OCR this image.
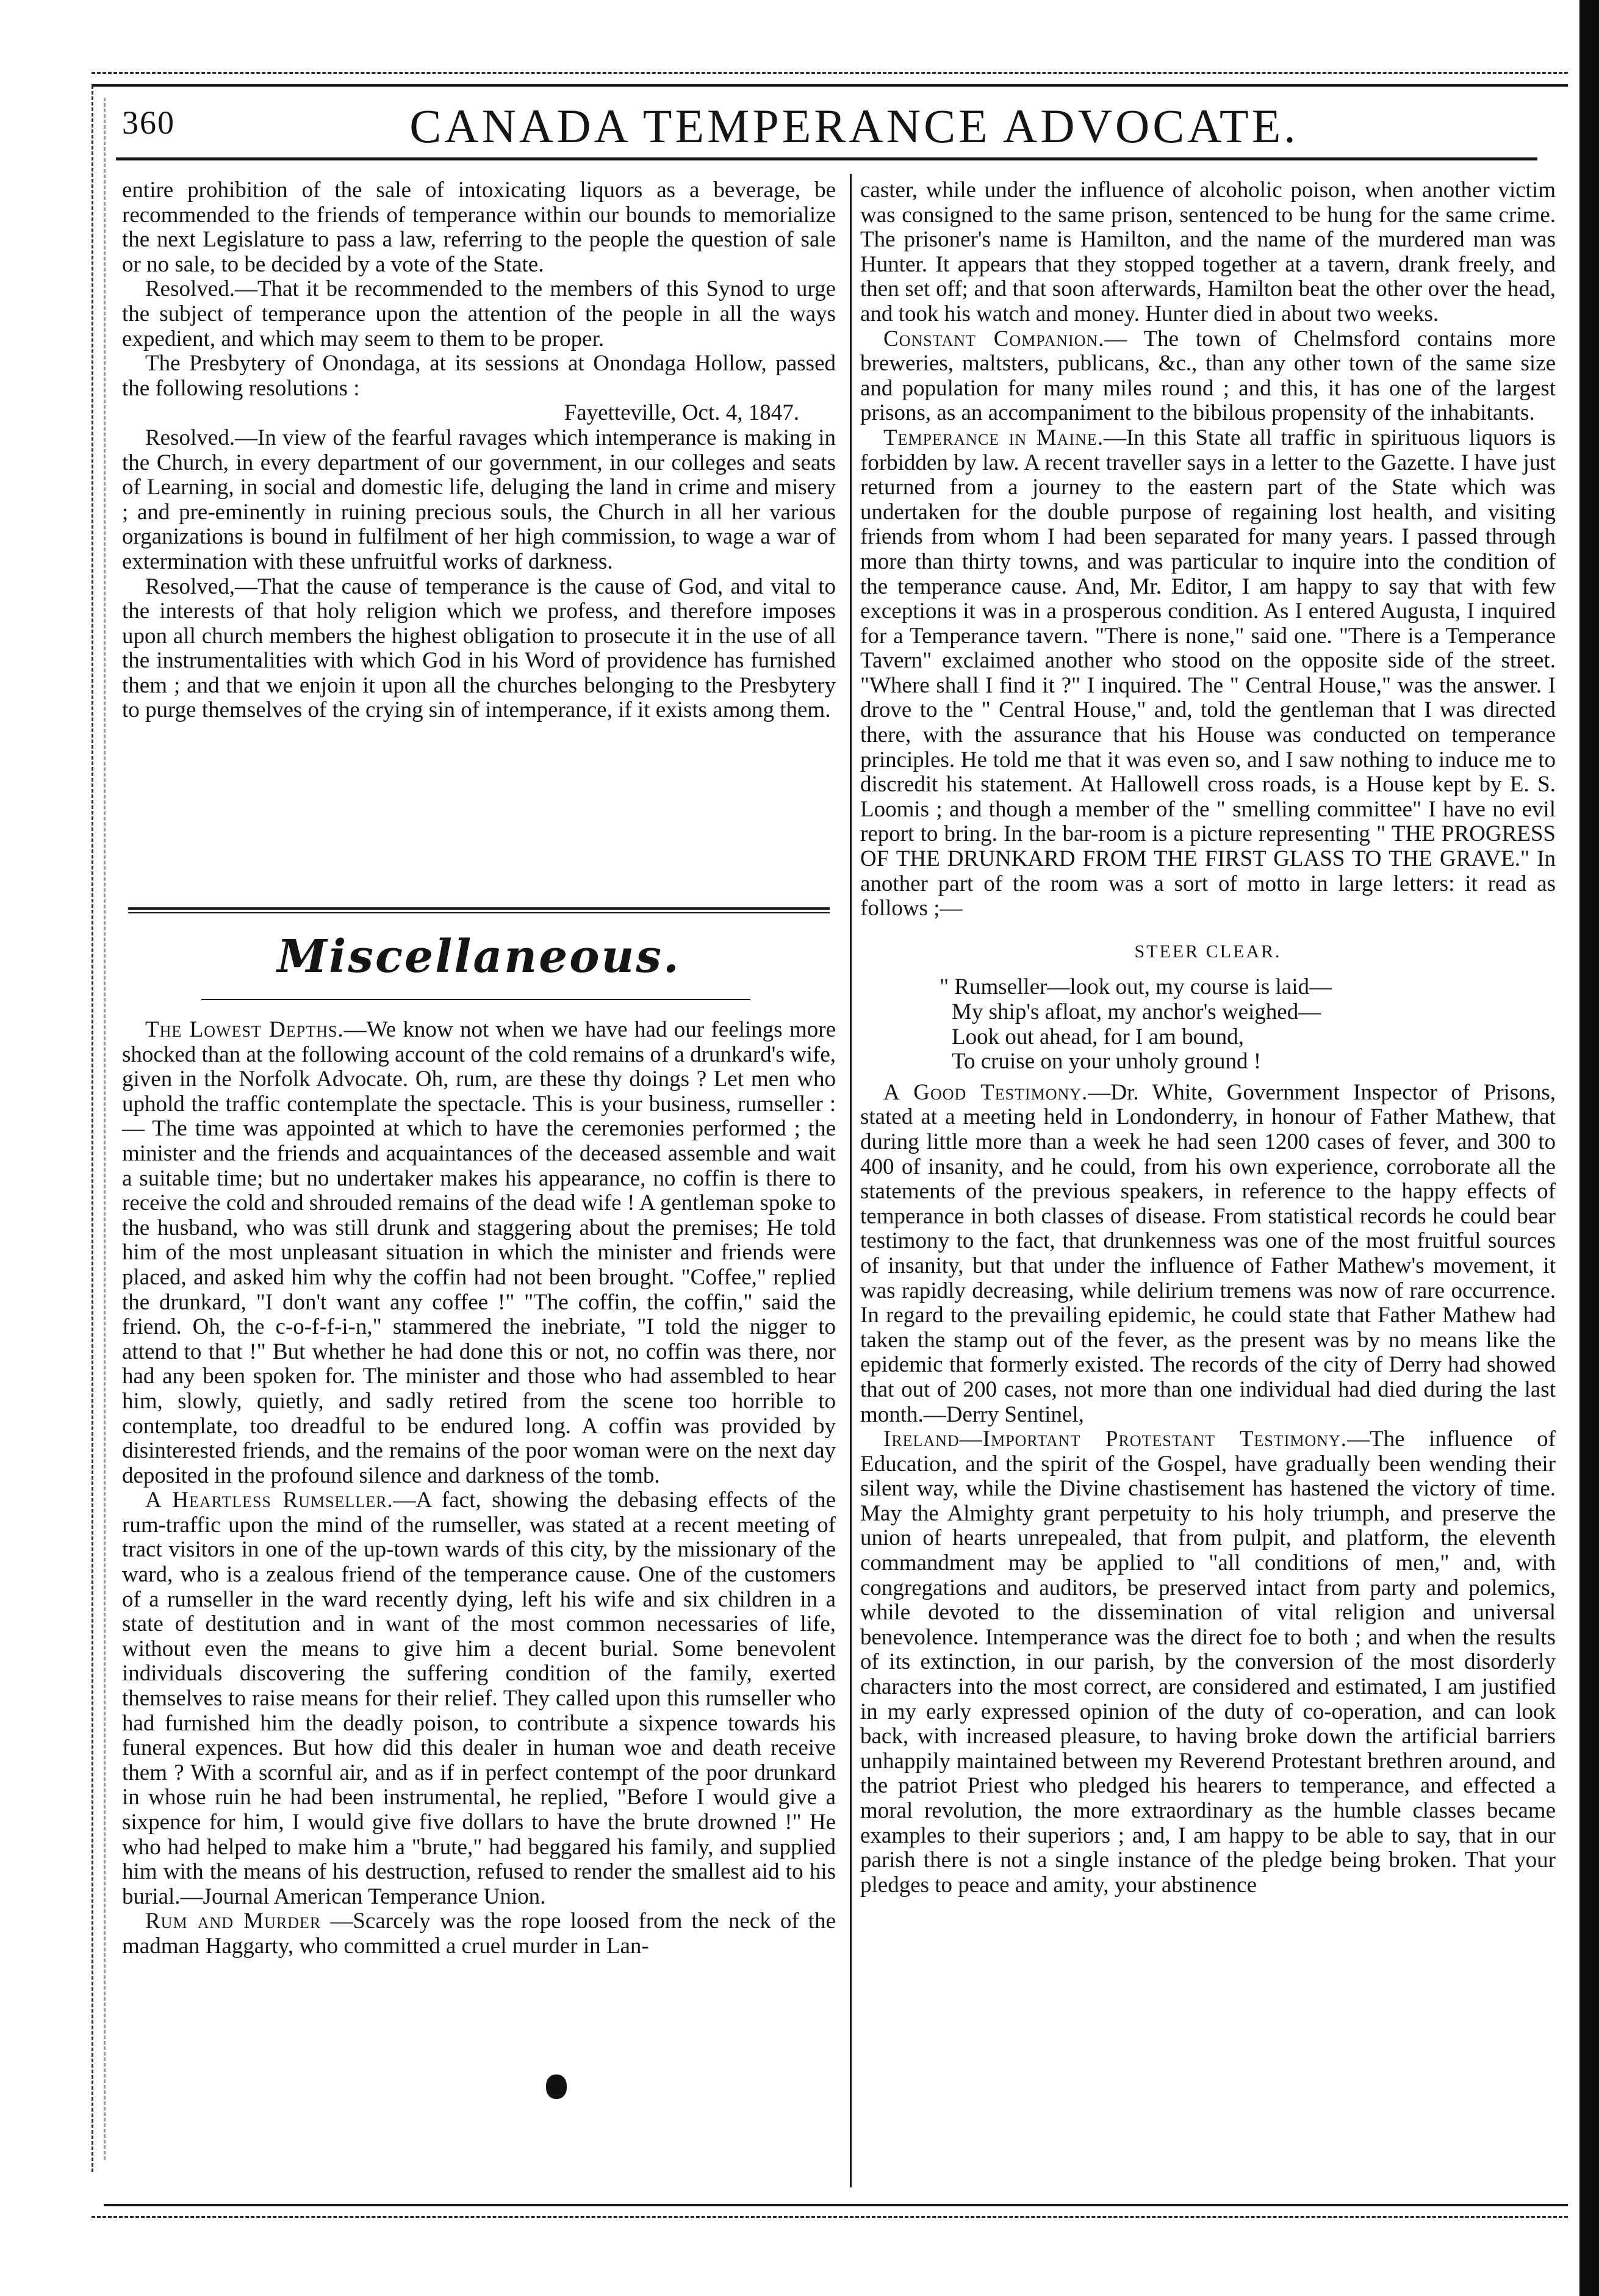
360	CANADA TEMPERANCE ADVOCATE.

entire prohibition of the sale of intoxicating liquors as a beverage, be recommended to the friends of temperance within our bounds to memorialize the next Legislature to pass a law, referring to the people the question of sale or no sale, to be decided by a vote of the State.

Resolved.—That it be recommended to the members of this Synod to urge the subject of temperance upon the attention of the people in all the ways expedient, and which may seem to them to be proper.

The Presbytery of Onondaga, at its sessions at Onondaga Hollow, passed the following resolutions :

Fayetteville, Oct. 4, 1847.

Resolved.—In view of the fearful ravages which intemperance is making in the Church, in every department of our government, in our colleges and seats of Learning, in social and domestic life, deluging the land in crime and misery ; and pre-eminently in ruining precious souls, the Church in all her various organizations is bound in fulfilment of her high commission, to wage a war of extermination with these unfruitful works of darkness.

Resolved,—That the cause of temperance is the cause of God, and vital to the interests of that holy religion which we profess, and therefore imposes upon all church members the highest obligation to prosecute it in the use of all the instrumentalities with which God in his Word of providence has furnished them ; and that we enjoin it upon all the churches belonging to the Presbytery to purge themselves of the crying sin of intemperance, if it exists among them.

Miscellaneous.

The Lowest Depths.—We know not when we have had our feelings more shocked than at the following account of the cold remains of a drunkard's wife, given in the Norfolk Advocate. Oh, rum, are these thy doings ? Let men who uphold the traffic contemplate the spectacle. This is your business, rumseller :— The time was appointed at which to have the ceremonies performed ; the minister and the friends and acquaintances of the deceased assemble and wait a suitable time; but no undertaker makes his appearance, no coffin is there to receive the cold and shrouded remains of the dead wife ! A gentleman spoke to the husband, who was still drunk and staggering about the premises; He told him of the most unpleasant situation in which the minister and friends were placed, and asked him why the coffin had not been brought. "Coffee," replied the drunkard, "I don't want any coffee !" "The coffin, the coffin," said the friend. Oh, the c-o-f-f-i-n," stammered the inebriate, "I told the nigger to attend to that !" But whether he had done this or not, no coffin was there, nor had any been spoken for. The minister and those who had assembled to hear him, slowly, quietly, and sadly retired from the scene too horrible to contemplate, too dreadful to be endured long. A coffin was provided by disinterested friends, and the remains of the poor woman were on the next day deposited in the profound silence and darkness of the tomb.

A Heartless Rumseller.—A fact, showing the debasing effects of the rum-traffic upon the mind of the rumseller, was stated at a recent meeting of tract visitors in one of the up-town wards of this city, by the missionary of the ward, who is a zealous friend of the temperance cause. One of the customers of a rumseller in the ward recently dying, left his wife and six children in a state of destitution and in want of the most common necessaries of life, without even the means to give him a decent burial. Some benevolent individuals discovering the suffering condition of the family, exerted themselves to raise means for their relief. They called upon this rumseller who had furnished him the deadly poison, to contribute a sixpence towards his funeral expences. But how did this dealer in human woe and death receive them ? With a scornful air, and as if in perfect contempt of the poor drunkard in whose ruin he had been instrumental, he replied, "Before I would give a sixpence for him, I would give five dollars to have the brute drowned !" He who had helped to make him a "brute," had beggared his family, and supplied him with the means of his destruction, refused to render the smallest aid to his burial.—Journal American Temperance Union.

Rum and Murder —Scarcely was the rope loosed from the neck of the madman Haggarty, who committed a cruel murder in Lan-

caster, while under the influence of alcoholic poison, when another victim was consigned to the same prison, sentenced to be hung for the same crime. The prisoner's name is Hamilton, and the name of the murdered man was Hunter. It appears that they stopped together at a tavern, drank freely, and then set off; and that soon afterwards, Hamilton beat the other over the head, and took his watch and money. Hunter died in about two weeks.

Constant Companion.— The town of Chelmsford contains more breweries, maltsters, publicans, &c., than any other town of the same size and population for many miles round ; and this, it has one of the largest prisons, as an accompaniment to the bibilous propensity of the inhabitants.

Temperance in Maine.—In this State all traffic in spirituous liquors is forbidden by law. A recent traveller says in a letter to the Gazette. I have just returned from a journey to the eastern part of the State which was undertaken for the double purpose of regaining lost health, and visiting friends from whom I had been separated for many years. I passed through more than thirty towns, and was particular to inquire into the condition of the temperance cause. And, Mr. Editor, I am happy to say that with few exceptions it was in a prosperous condition. As I entered Augusta, I inquired for a Temperance tavern. "There is none," said one. "There is a Temperance Tavern" exclaimed another who stood on the opposite side of the street. "Where shall I find it ?" I inquired. The " Central House," was the answer. I drove to the " Central House," and, told the gentleman that I was directed there, with the assurance that his House was conducted on temperance principles. He told me that it was even so, and I saw nothing to induce me to discredit his statement. At Hallowell cross roads, is a House kept by E. S. Loomis ; and though a member of the " smelling committee" I have no evil report to bring. In the bar-room is a picture representing " THE PROGRESS OF THE DRUNKARD FROM THE FIRST GLASS TO THE GRAVE." In another part of the room was a sort of motto in large letters: it read as follows ;—

STEER CLEAR.
" Rumseller—look out, my course is laid—
My ship's afloat, my anchor's weighed—
Look out ahead, for I am bound,
To cruise on your unholy ground !

A Good Testimony.—Dr. White, Government Inspector of Prisons, stated at a meeting held in Londonderry, in honour of Father Mathew, that during little more than a week he had seen 1200 cases of fever, and 300 to 400 of insanity, and he could, from his own experience, corroborate all the statements of the previous speakers, in reference to the happy effects of temperance in both classes of disease. From statistical records he could bear testimony to the fact, that drunkenness was one of the most fruitful sources of insanity, but that under the influence of Father Mathew's movement, it was rapidly decreasing, while delirium tremens was now of rare occurrence. In regard to the prevailing epidemic, he could state that Father Mathew had taken the stamp out of the fever, as the present was by no means like the epidemic that formerly existed. The records of the city of Derry had showed that out of 200 cases, not more than one individual had died during the last month.—Derry Sentinel,

Ireland—Important Protestant Testimony.—The influence of Education, and the spirit of the Gospel, have gradually been wending their silent way, while the Divine chastisement has hastened the victory of time. May the Almighty grant perpetuity to his holy triumph, and preserve the union of hearts unrepealed, that from pulpit, and platform, the eleventh commandment may be applied to "all conditions of men," and, with congregations and auditors, be preserved intact from party and polemics, while devoted to the dissemination of vital religion and universal benevolence. Intemperance was the direct foe to both ; and when the results of its extinction, in our parish, by the conversion of the most disorderly characters into the most correct, are considered and estimated, I am justified in my early expressed opinion of the duty of co-operation, and can look back, with increased pleasure, to having broke down the artificial barriers unhappily maintained between my Reverend Protestant brethren around, and the patriot Priest who pledged his hearers to temperance, and effected a moral revolution, the more extraordinary as the humble classes became examples to their superiors ; and, I am happy to be able to say, that in our parish there is not a single instance of the pledge being broken. That your pledges to peace and amity, your abstinence
